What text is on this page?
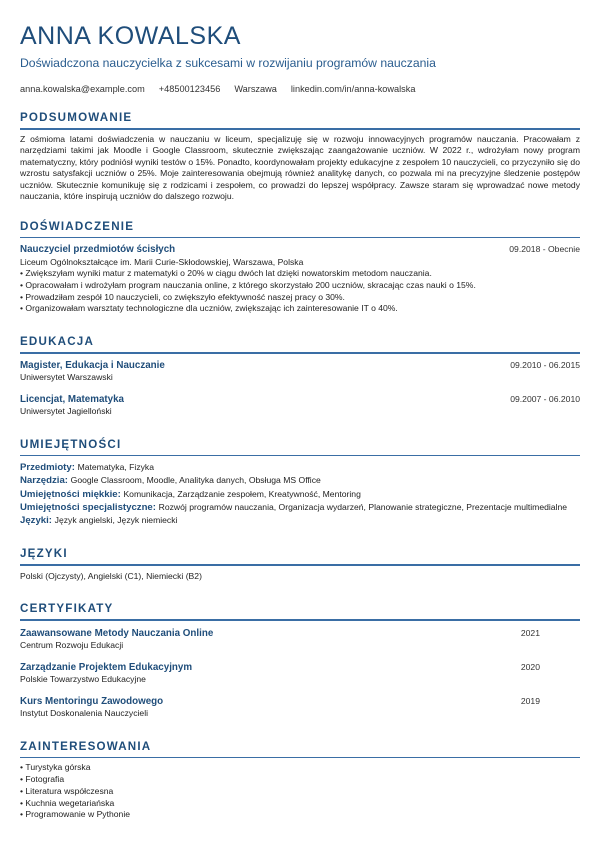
ANNA KOWALSKA
Doświadczona nauczycielka z sukcesami w rozwijaniu programów nauczania
anna.kowalska@example.com +48500123456 Warszawa linkedin.com/in/anna-kowalska
PODSUMOWANIE
Z ośmioma latami doświadczenia w nauczaniu w liceum, specjalizuję się w rozwoju innowacyjnych programów nauczania. Pracowałam z narzędziami takimi jak Moodle i Google Classroom, skutecznie zwiększając zaangażowanie uczniów. W 2022 r., wdrożyłam nowy program matematyczny, który podniósł wyniki testów o 15%. Ponadto, koordynowałam projekty edukacyjne z zespołem 10 nauczycieli, co przyczyniło się do wzrostu satysfakcji uczniów o 25%. Moje zainteresowania obejmują również analitykę danych, co pozwala mi na precyzyjne śledzenie postępów uczniów. Skutecznie komunikuję się z rodzicami i zespołem, co prowadzi do lepszej współpracy. Zawsze staram się wprowadzać nowe metody nauczania, które inspirują uczniów do dalszego rozwoju.
DOŚWIADCZENIE
Nauczyciel przedmiotów ścisłych	09.2018 - Obecnie
Liceum Ogólnokształcące im. Marii Curie-Skłodowskiej, Warszawa, Polska
• Zwiększyłam wyniki matur z matematyki o 20% w ciągu dwóch lat dzięki nowatorskim metodom nauczania.
• Opracowałam i wdrożyłam program nauczania online, z którego skorzystało 200 uczniów, skracając czas nauki o 15%.
• Prowadziłam zespół 10 nauczycieli, co zwiększyło efektywność naszej pracy o 30%.
• Organizowałam warsztaty technologiczne dla uczniów, zwiększając ich zainteresowanie IT o 40%.
EDUKACJA
Magister, Edukacja i Nauczanie	09.2010 - 06.2015
Uniwersytet Warszawski
Licencjat, Matematyka	09.2007 - 06.2010
Uniwersytet Jagielloński
UMIEJĘTNOŚCI
Przedmioty: Matematyka, Fizyka
Narzędzia: Google Classroom, Moodle, Analityka danych, Obsługa MS Office
Umiejętności miękkie: Komunikacja, Zarządzanie zespołem, Kreatywność, Mentoring
Umiejętności specjalistyczne: Rozwój programów nauczania, Organizacja wydarzeń, Planowanie strategiczne, Prezentacje multimedialne
Języki: Język angielski, Język niemiecki
JĘZYKI
Polski (Ojczysty), Angielski (C1), Niemiecki (B2)
CERTYFIKATY
Zaawansowane Metody Nauczania Online	2021
Centrum Rozwoju Edukacji
Zarządzanie Projektem Edukacyjnym	2020
Polskie Towarzystwo Edukacyjne
Kurs Mentoringu Zawodowego	2019
Instytut Doskonalenia Nauczycieli
ZAINTERESOWANIA
• Turystyka górska
• Fotografia
• Literatura współczesna
• Kuchnia wegetariańska
• Programowanie w Pythonie
